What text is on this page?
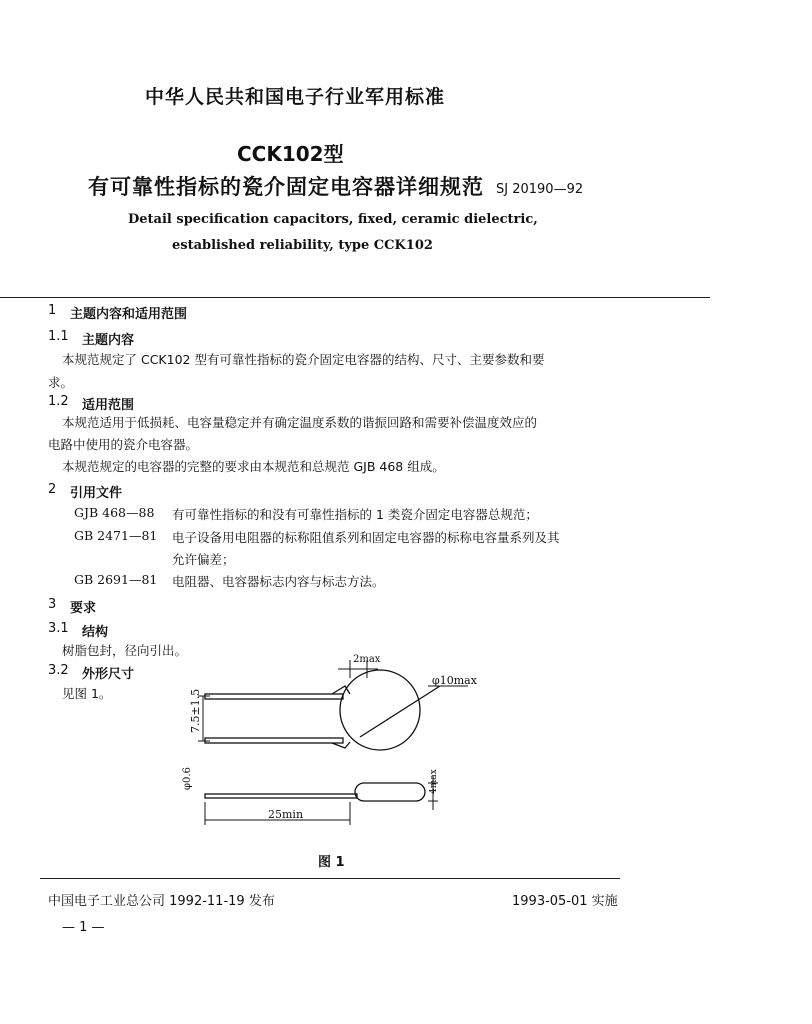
中华人民共和国电子行业军用标准
CCK102型
有可靠性指标的瓷介固定电容器详细规范 SJ 20190—92
Detail specification capacitors, fixed, ceramic dielectric,
established reliability, type CCK102
1 主题内容和适用范围
1.1 主题内容
本规范规定了 CCK102 型有可靠性指标的瓷介固定电容器的结构、尺寸、主要参数和要
求。
1.2 适用范围
本规范适用于低损耗、电容量稳定并有确定温度系数的谐振回路和需要补偿温度效应的
电路中使用的瓷介电容器。
本规范规定的电容器的完整的要求由本规范和总规范 GJB 468 组成。
2 引用文件
GJB 468—88	有可靠性指标的和没有可靠性指标的 1 类瓷介固定电容器总规范；
GB 2471—81	电子设备用电阻器的标称阻值系列和固定电容器的标称电容量系列及其
允许偏差；
GB 2691—81	电阻器、电容器标志内容与标志方法。
3 要求
3.1 结构
树脂包封，径向引出。
3.2 外形尺寸
见图 1。	7.5±1.5
2max
φ10max
φ0.6	4max
25min
图 1
中国电子工业总公司 1992-11-19 发布	1993-05-01 实施
— 1 —
